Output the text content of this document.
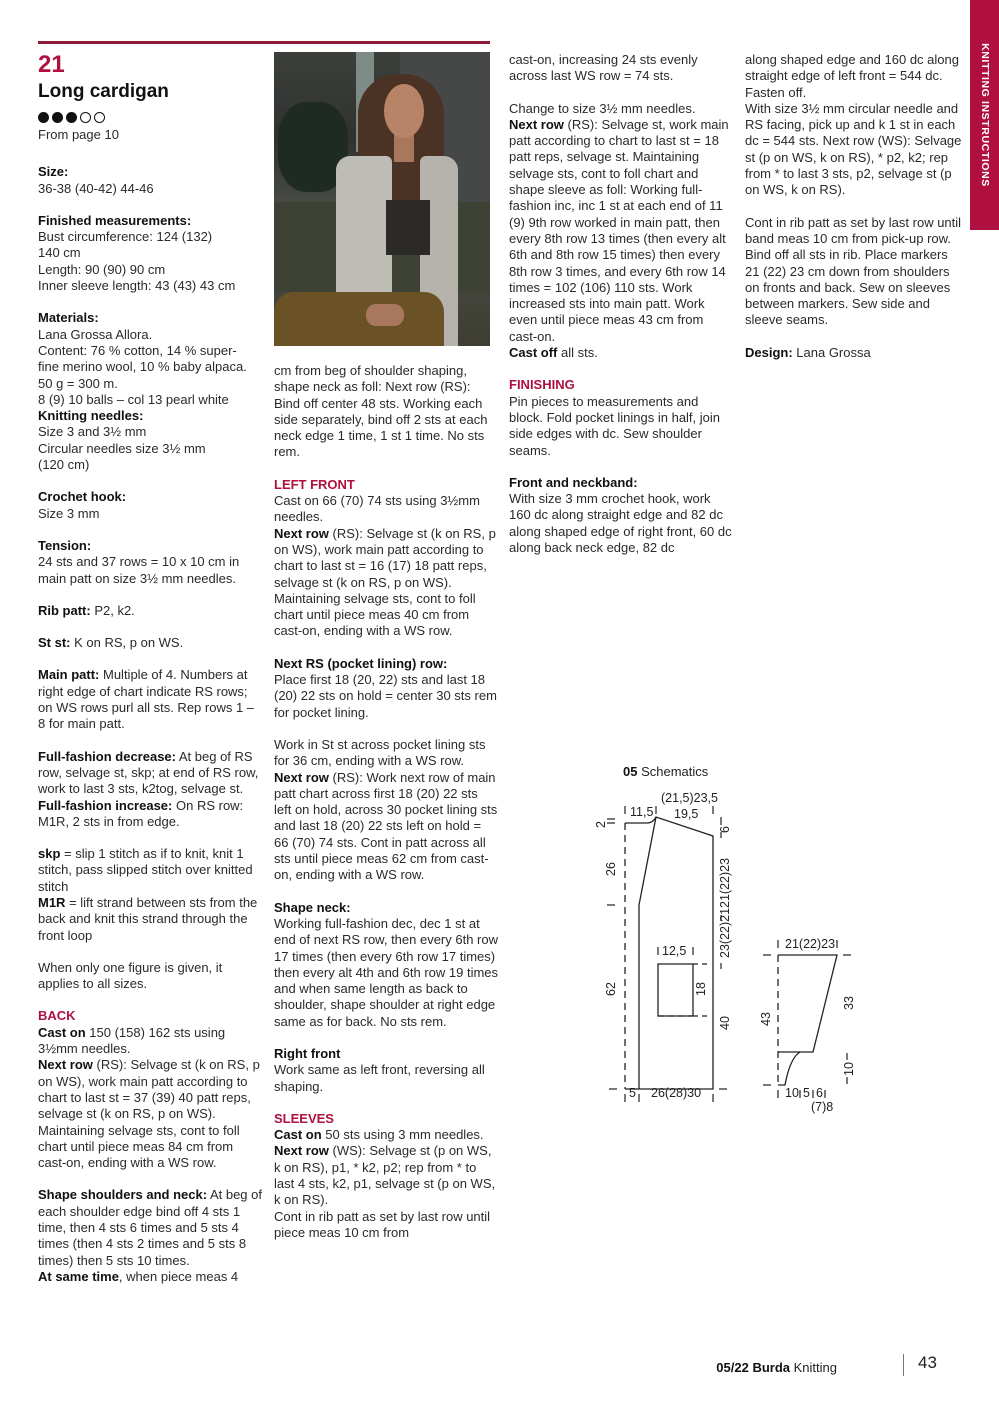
KNITTING INSTRUCTIONS
21
Long cardigan

From page 10

Size:
36-38 (40-42) 44-46
Finished measurements:
Bust circumference: 124 (132)
140 cm
Length: 90 (90) 90 cm
Inner sleeve length: 43 (43) 43 cm
Materials:
Lana Grossa Allora.
Content: 76 % cotton, 14 % super-
fine merino wool, 10 % baby alpaca.
50 g = 300 m.
8 (9) 10 balls – col 13 pearl white
Knitting needles:
Size 3 and 3½ mm
Circular needles size 3½ mm
(120 cm)
Crochet hook:
Size 3 mm
Tension:
24 sts and 37 rows = 10 x 10 cm in main patt on size 3½ mm needles.
Rib patt: P2, k2.
St st: K on RS, p on WS.
Main patt: Multiple of 4. Numbers at right edge of chart indicate RS rows; on WS rows purl all sts. Rep rows 1 – 8 for main patt.
Full-fashion decrease: At beg of RS row, selvage st, skp; at end of RS row, work to last 3 sts, k2tog, selvage st.
Full-fashion increase: On RS row: M1R, 2 sts in from edge.
skp = slip 1 stitch as if to knit, knit 1 stitch, pass slipped stitch over knitted stitch
M1R = lift strand between sts from the back and knit this strand through the front loop
When only one figure is given, it applies to all sizes.
BACK
Cast on 150 (158) 162 sts using 3½mm needles.
Next row (RS): Selvage st (k on RS, p on WS), work main patt according to chart to last st = 37 (39) 40 patt reps, selvage st (k on RS, p on WS). Maintaining selvage sts, cont to foll chart until piece meas 84 cm from cast-on, ending with a WS row.
Shape shoulders and neck: At beg of each shoulder edge bind off 4 sts 1 time, then 4 sts 6 times and 5 sts 4 times (then 4 sts 2 times and 5 sts 8 times) then 5 sts 10 times.
At same time, when piece meas 4
cm from beg of shoulder shaping, shape neck as foll: Next row (RS): Bind off center 48 sts. Working each side separately, bind off 2 sts at each neck edge 1 time, 1 st 1 time. No sts rem.
LEFT FRONT
Cast on 66 (70) 74 sts using 3½mm needles.
Next row (RS): Selvage st (k on RS, p on WS), work main patt according to chart to last st = 16 (17) 18 patt reps, selvage st (k on RS, p on WS). Maintaining selvage sts, cont to foll chart until piece meas 40 cm from cast-on, ending with a WS row.
Next RS (pocket lining) row:
Place first 18 (20, 22) sts and last 18 (20) 22 sts on hold = center 30 sts rem for pocket lining.
Work in St st across pocket lining sts for 36 cm, ending with a WS row.
Next row (RS): Work next row of main patt chart across first 18 (20) 22 sts left on hold, across 30 pocket lining sts and last 18 (20) 22 sts left on hold = 66 (70) 74 sts. Cont in patt across all sts until piece meas 62 cm from cast-on, ending with a WS row.
Shape neck:
Working full-fashion dec, dec 1 st at end of next RS row, then every 6th row 17 times (then every 6th row 17 times) then every alt 4th and 6th row 19 times and when same length as back to shoulder, shape shoulder at right edge same as for back. No sts rem.
Right front
Work same as left front, reversing all shaping.
SLEEVES
Cast on 50 sts using 3 mm needles.
Next row (WS): Selvage st (p on WS, k on RS), p1, * k2, p2; rep from * to last 4 sts, k2, p1, selvage st (p on WS, k on RS).
Cont in rib patt as set by last row until piece meas 10 cm from
cast-on, increasing 24 sts evenly across last WS row = 74 sts.
Change to size 3½ mm needles.
Next row (RS): Selvage st, work main patt according to chart to last st = 18 patt reps, selvage st. Maintaining selvage sts, cont to foll chart and shape sleeve as foll: Working full-fashion inc, inc 1 st at each end of 11 (9) 9th row worked in main patt, then every 8th row 13 times (then every alt 6th and 8th row 15 times) then every 8th row 3 times, and every 6th row 14 times = 102 (106) 110 sts. Work increased sts into main patt. Work even until piece meas 43 cm from cast-on.
Cast off all sts.
FINISHING
Pin pieces to measurements and block. Fold pocket linings in half, join side edges with dc. Sew shoulder seams.
Front and neckband:
With size 3 mm crochet hook, work 160 dc along straight edge and 82 dc along shaped edge of right front, 60 dc along back neck edge, 82 dc
along shaped edge and 160 dc along straight edge of left front = 544 dc.
Fasten off.
With size 3½ mm circular needle and RS facing, pick up and k 1 st in each dc = 544 sts. Next row (WS): Selvage st (p on WS, k on RS), * p2, k2; rep from * to last 3 sts, p2, selvage st (p on WS, k on RS).
Cont in rib patt as set by last row until band meas 10 cm from pick-up row. Bind off all sts in rib. Place markers 21 (22) 23 cm down from shoulders on fronts and back. Sew on sleeves between markers. Sew side and sleeve seams.
Design: Lana Grossa
05 Schematics
(21,5)23,5
11,5 19,5
2
26
62
6
21(22)23
23(22)21
40
12,5
18
5 26(28)30
21(22)23
43
33
10
10 5 6
(7)8
05/22 Burda Knitting	43
